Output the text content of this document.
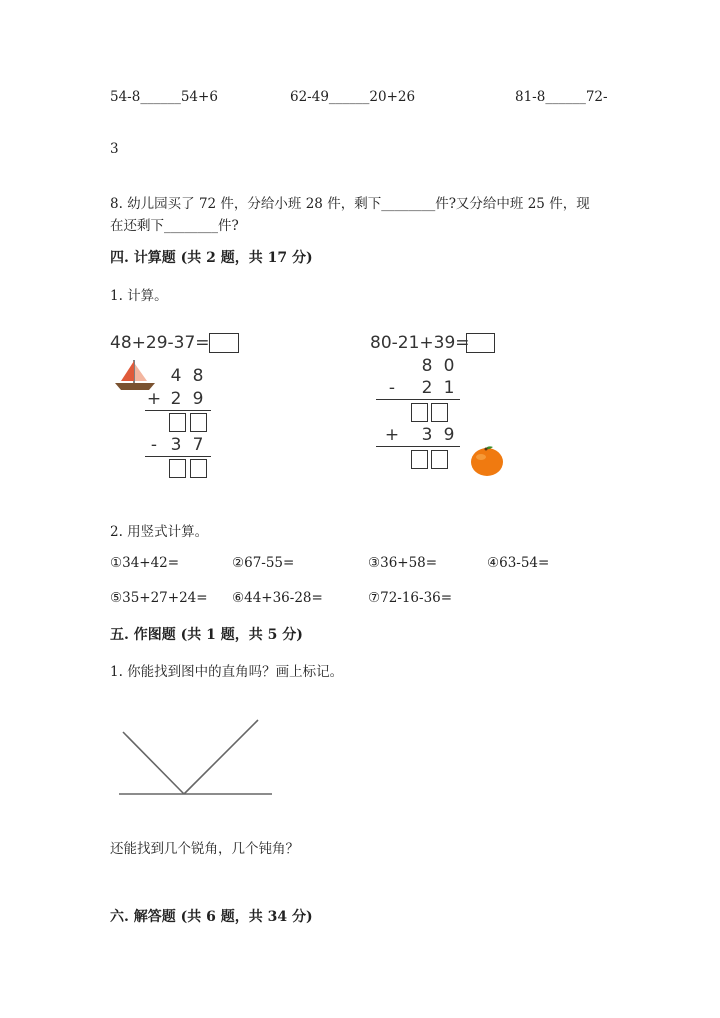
54-8______54+6	62-49______20+26	81-8______72-
3
8. 幼儿园买了 72 件，分给小班 28 件，剩下________件?又分给中班 25 件，现
在还剩下________件?
四. 计算题 (共 2 题，共 17 分)
1. 计算。
48+29-37=
4 8
+ 2 9
- 3 7
80-21+39=
8 0
-	2 1
+ 3 9
2. 用竖式计算。
①34+42=	②67-55=	③36+58=	④63-54=
⑤35+27+24= ⑥44+36-28=	⑦72-16-36=
五. 作图题 (共 1 题，共 5 分)
1. 你能找到图中的直角吗？画上标记。
还能找到几个锐角，几个钝角？
六. 解答题 (共 6 题，共 34 分)
